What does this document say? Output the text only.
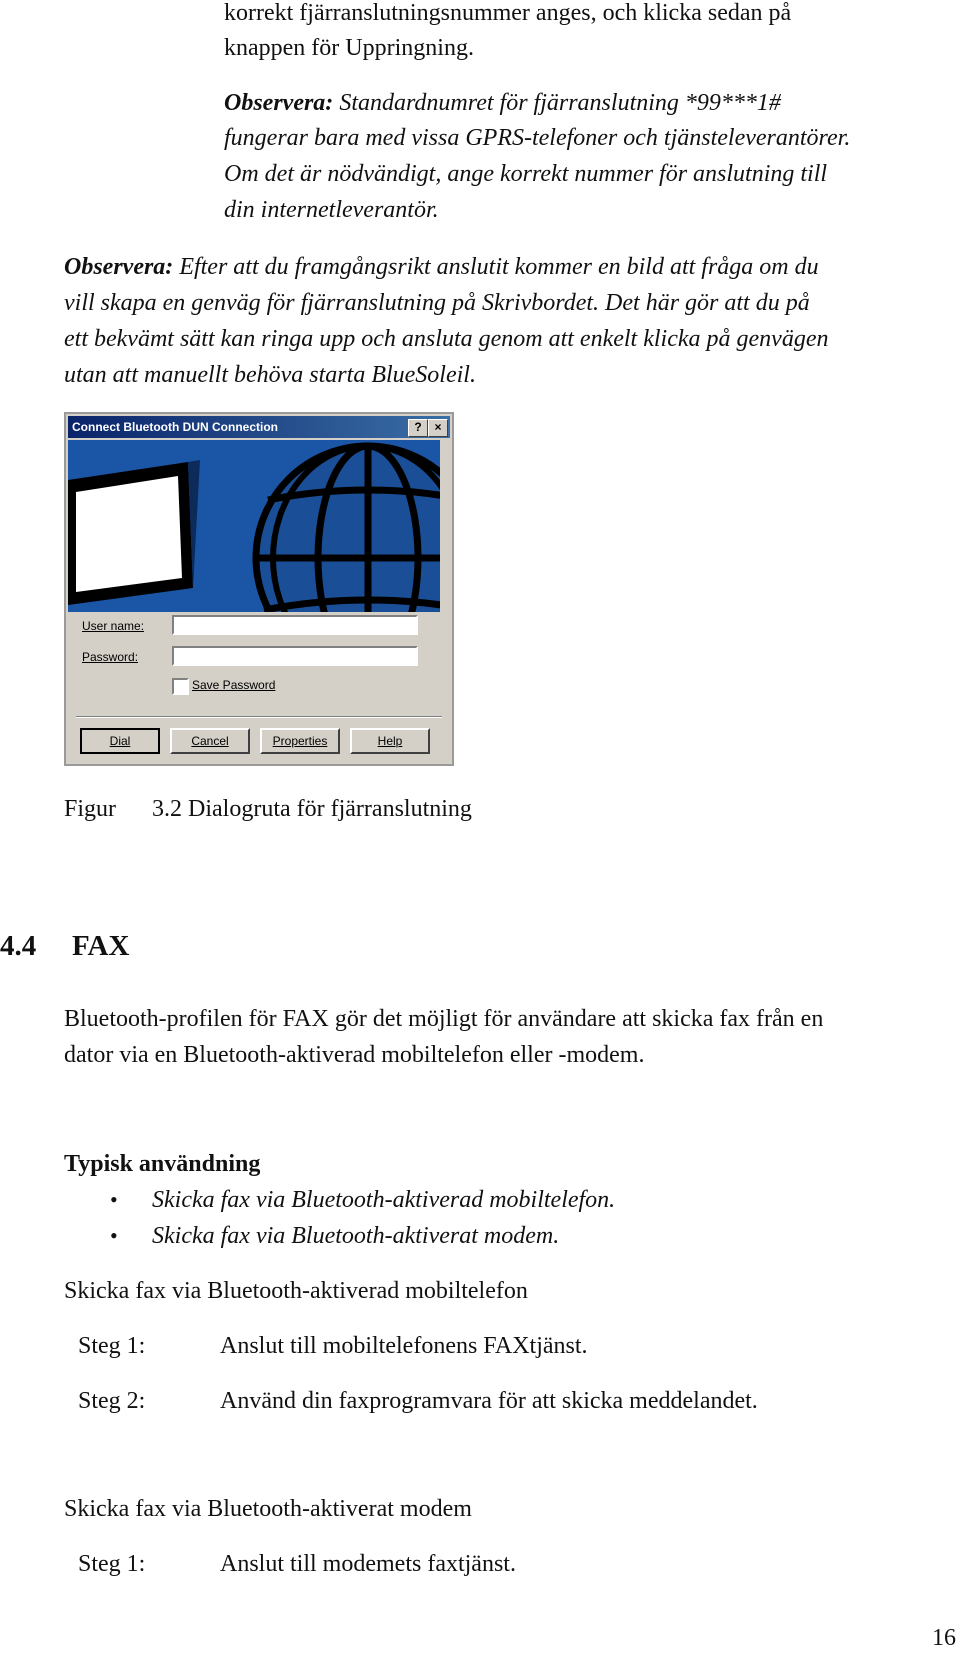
korrekt fjärranslutningsnummer anges, och klicka sedan på
knappen för Uppringning.
Observera: Standardnumret för fjärranslutning *99***1#
fungerar bara med vissa GPRS-telefoner och tjänsteleverantörer.
Om det är nödvändigt, ange korrekt nummer för anslutning till
din internetleverantör.
Observera: Efter att du framgångsrikt anslutit kommer en bild att fråga om du
vill skapa en genväg för fjärranslutning på Skrivbordet. Det här gör att du på
ett bekvämt sätt kan ringa upp och ansluta genom att enkelt klicka på genvägen
utan att manuellt behöva starta BlueSoleil.
Connect Bluetooth DUN Connection	?	×
User name:
Password:
Save Password
Dial	Cancel	Properties	Help
Figur 3.2 Dialogruta för fjärranslutning
4.4 FAX
Bluetooth-profilen för FAX gör det möjligt för användare att skicka fax från en
dator via en Bluetooth-aktiverad mobiltelefon eller -modem.
Typisk användning
• Skicka fax via Bluetooth-aktiverad mobiltelefon.
• Skicka fax via Bluetooth-aktiverat modem.
Skicka fax via Bluetooth-aktiverad mobiltelefon
Steg 1:	Anslut till mobiltelefonens FAXtjänst.
Steg 2:	Använd din faxprogramvara för att skicka meddelandet.
Skicka fax via Bluetooth-aktiverat modem
Steg 1:	Anslut till modemets faxtjänst.
16
